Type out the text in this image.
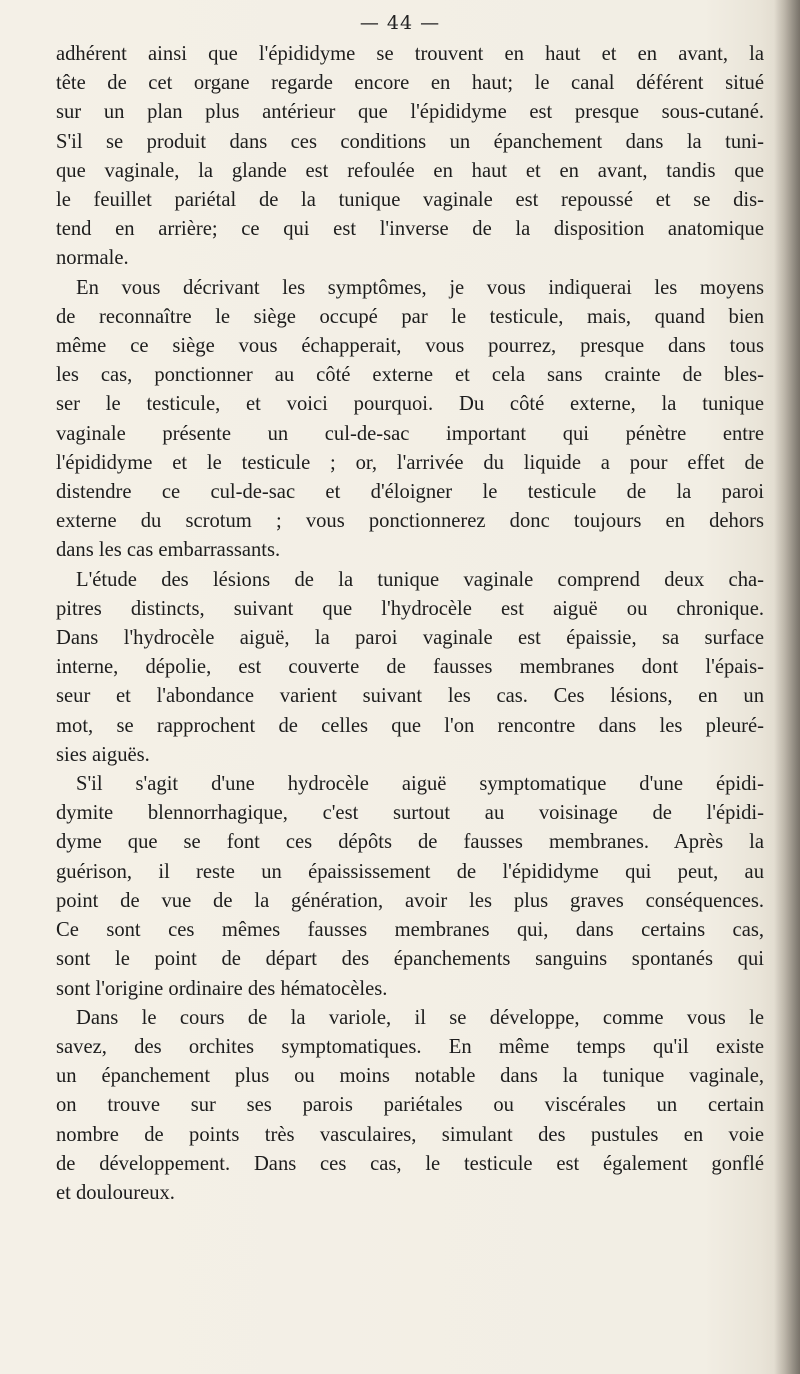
— 44 —

adhérent ainsi que l'épididyme se trouvent en haut et en avant, la
tête de cet organe regarde encore en haut; le canal déférent situé
sur un plan plus antérieur que l'épididyme est presque sous-cutané.
S'il se produit dans ces conditions un épanchement dans la tuni-
que vaginale, la glande est refoulée en haut et en avant, tandis que
le feuillet pariétal de la tunique vaginale est repoussé et se dis-
tend en arrière; ce qui est l'inverse de la disposition anatomique
normale.

En vous décrivant les symptômes, je vous indiquerai les moyens
de reconnaître le siège occupé par le testicule, mais, quand bien
même ce siège vous échapperait, vous pourrez, presque dans tous
les cas, ponctionner au côté externe et cela sans crainte de bles-
ser le testicule, et voici pourquoi. Du côté externe, la tunique
vaginale présente un cul-de-sac important qui pénètre entre
l'épididyme et le testicule ; or, l'arrivée du liquide a pour effet de
distendre ce cul-de-sac et d'éloigner le testicule de la paroi
externe du scrotum ; vous ponctionnerez donc toujours en dehors
dans les cas embarrassants.

L'étude des lésions de la tunique vaginale comprend deux cha-
pitres distincts, suivant que l'hydrocèle est aiguë ou chronique.
Dans l'hydrocèle aiguë, la paroi vaginale est épaissie, sa surface
interne, dépolie, est couverte de fausses membranes dont l'épais-
seur et l'abondance varient suivant les cas. Ces lésions, en un
mot, se rapprochent de celles que l'on rencontre dans les pleuré-
sies aiguës.

S'il s'agit d'une hydrocèle aiguë symptomatique d'une épidi-
dymite blennorrhagique, c'est surtout au voisinage de l'épidi-
dyme que se font ces dépôts de fausses membranes. Après la
guérison, il reste un épaississement de l'épididyme qui peut, au
point de vue de la génération, avoir les plus graves conséquences.
Ce sont ces mêmes fausses membranes qui, dans certains cas,
sont le point de départ des épanchements sanguins spontanés qui
sont l'origine ordinaire des hématocèles.

Dans le cours de la variole, il se développe, comme vous le
savez, des orchites symptomatiques. En même temps qu'il existe
un épanchement plus ou moins notable dans la tunique vaginale,
on trouve sur ses parois pariétales ou viscérales un certain
nombre de points très vasculaires, simulant des pustules en voie
de développement. Dans ces cas, le testicule est également gonflé
et douloureux.
